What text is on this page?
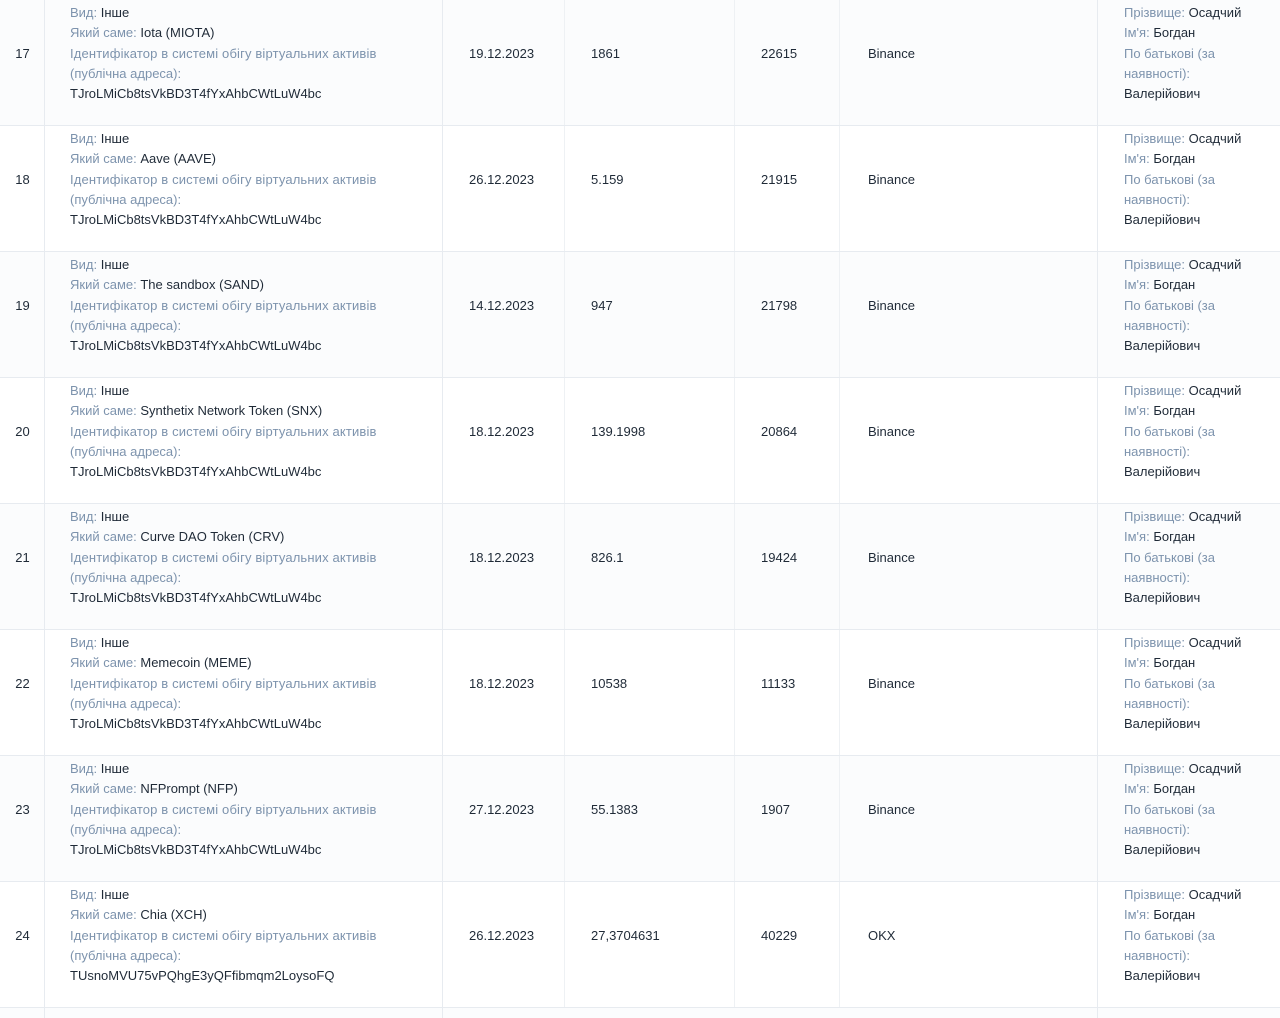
17
Вид: Інше
Який саме: Iota (MIOTA)
Ідентифікатор в системі обігу віртуальних активів
(публічна адреса):
TJroLMiCb8tsVkBD3T4fYxAhbCWtLuW4bc
19.12.2023	1861	22615	Binance
Прізвище: Осадчий
Ім'я: Богдан
По батькові (за
наявності):
Валерійович
18
Вид: Інше
Який саме: Aave (AAVE)
Ідентифікатор в системі обігу віртуальних активів
(публічна адреса):
TJroLMiCb8tsVkBD3T4fYxAhbCWtLuW4bc
26.12.2023	5.159	21915	Binance
Прізвище: Осадчий
Ім'я: Богдан
По батькові (за
наявності):
Валерійович
19
Вид: Інше
Який саме: The sandbox (SAND)
Ідентифікатор в системі обігу віртуальних активів
(публічна адреса):
TJroLMiCb8tsVkBD3T4fYxAhbCWtLuW4bc
14.12.2023	947	21798	Binance
Прізвище: Осадчий
Ім'я: Богдан
По батькові (за
наявності):
Валерійович
20
Вид: Інше
Який саме: Synthetix Network Token (SNX)
Ідентифікатор в системі обігу віртуальних активів
(публічна адреса):
TJroLMiCb8tsVkBD3T4fYxAhbCWtLuW4bc
18.12.2023	139.1998	20864	Binance
Прізвище: Осадчий
Ім'я: Богдан
По батькові (за
наявності):
Валерійович
21
Вид: Інше
Який саме: Curve DAO Token (CRV)
Ідентифікатор в системі обігу віртуальних активів
(публічна адреса):
TJroLMiCb8tsVkBD3T4fYxAhbCWtLuW4bc
18.12.2023	826.1	19424	Binance
Прізвище: Осадчий
Ім'я: Богдан
По батькові (за
наявності):
Валерійович
22
Вид: Інше
Який саме: Memecoin (MEME)
Ідентифікатор в системі обігу віртуальних активів
(публічна адреса):
TJroLMiCb8tsVkBD3T4fYxAhbCWtLuW4bc
18.12.2023	10538	11133	Binance
Прізвище: Осадчий
Ім'я: Богдан
По батькові (за
наявності):
Валерійович
23
Вид: Інше
Який саме: NFPrompt (NFP)
Ідентифікатор в системі обігу віртуальних активів
(публічна адреса):
TJroLMiCb8tsVkBD3T4fYxAhbCWtLuW4bc
27.12.2023	55.1383	1907	Binance
Прізвище: Осадчий
Ім'я: Богдан
По батькові (за
наявності):
Валерійович
24
Вид: Інше
Який саме: Chia (XCH)
Ідентифікатор в системі обігу віртуальних активів
(публічна адреса):
TUsnoMVU75vPQhgE3yQFfibmqm2LoysoFQ
26.12.2023	27,3704631	40229	OKX
Прізвище: Осадчий
Ім'я: Богдан
По батькові (за
наявності):
Валерійович
